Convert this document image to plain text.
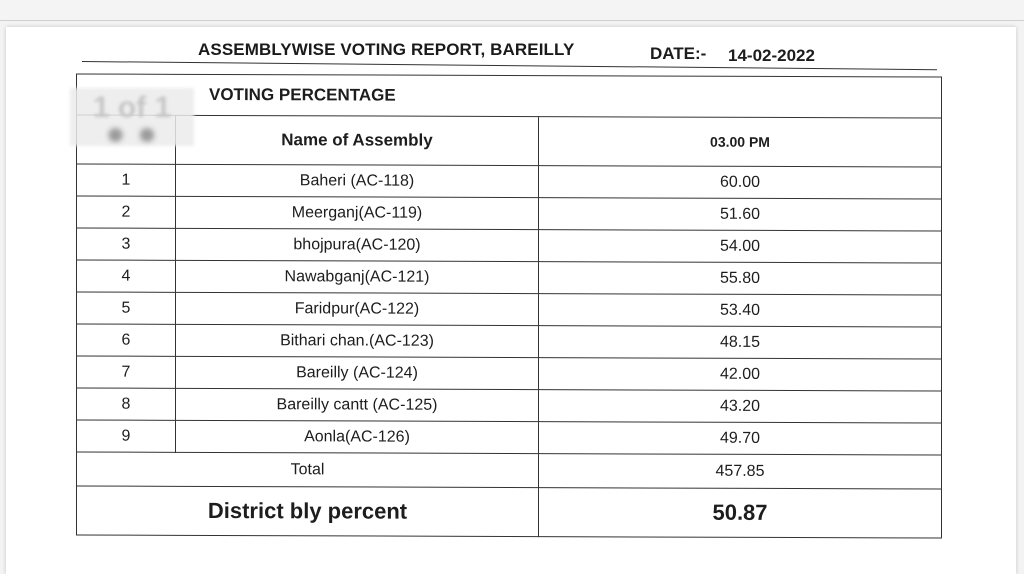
ASSEMBLYWISE VOTING REPORT, BAREILLY	DATE:- 14-02-2022
VOTING PERCENTAGE		
	Name of Assembly	03.00 PM
1	Baheri (AC-118)	60.00
2	Meerganj(AC-119)	51.60
3	bhojpura(AC-120)	54.00
4	Nawabganj(AC-121)	55.80
5	Faridpur(AC-122)	53.40
6	Bithari chan.(AC-123)	48.15
7	Bareilly (AC-124)	42.00
8	Bareilly cantt (AC-125)	43.20
9	Aonla(AC-126)	49.70
Total		457.85
District bly percent		50.87
1 of 1
